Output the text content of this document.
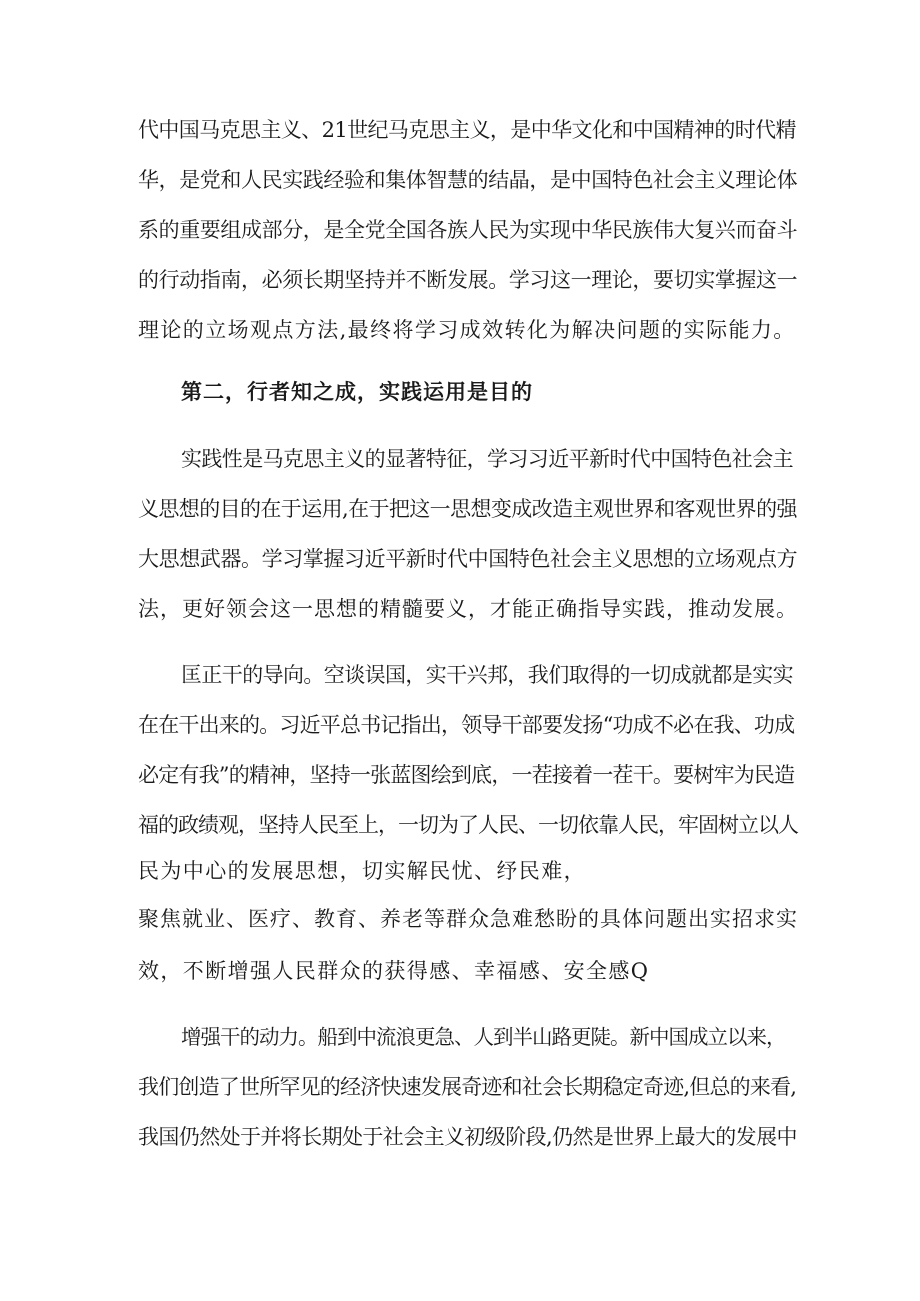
代中国马克思主义、21世纪马克思主义，是中华文化和中国精神的时代精
华，是党和人民实践经验和集体智慧的结晶，是中国特色社会主义理论体
系的重要组成部分，是全党全国各族人民为实现中华民族伟大复兴而奋斗
的行动指南，必须长期坚持并不断发展。学习这一理论，要切实掌握这一
理论的立场观点方法,最终将学习成效转化为解决问题的实际能力。
第二，行者知之成，实践运用是目的
实践性是马克思主义的显著特征，学习习近平新时代中国特色社会主
义思想的目的在于运用,在于把这一思想变成改造主观世界和客观世界的强
大思想武器。学习掌握习近平新时代中国特色社会主义思想的立场观点方
法，更好领会这一思想的精髓要义，才能正确指导实践，推动发展。
匡正干的导向。空谈误国，实干兴邦，我们取得的一切成就都是实实
在在干出来的。习近平总书记指出，领导干部要发扬“功成不必在我、功成
必定有我”的精神，坚持一张蓝图绘到底，一茬接着一茬干。要树牢为民造
福的政绩观，坚持人民至上，一切为了人民、一切依靠人民，牢固树立以人
民为中心的发展思想，切实解民忧、纾民难，
聚焦就业、医疗、教育、养老等群众急难愁盼的具体问题出实招求实
效，不断增强人民群众的获得感、幸福感、安全感Q
增强干的动力。船到中流浪更急、人到半山路更陡。新中国成立以来，
我们创造了世所罕见的经济快速发展奇迹和社会长期稳定奇迹,但总的来看,
我国仍然处于并将长期处于社会主义初级阶段,仍然是世界上最大的发展中
